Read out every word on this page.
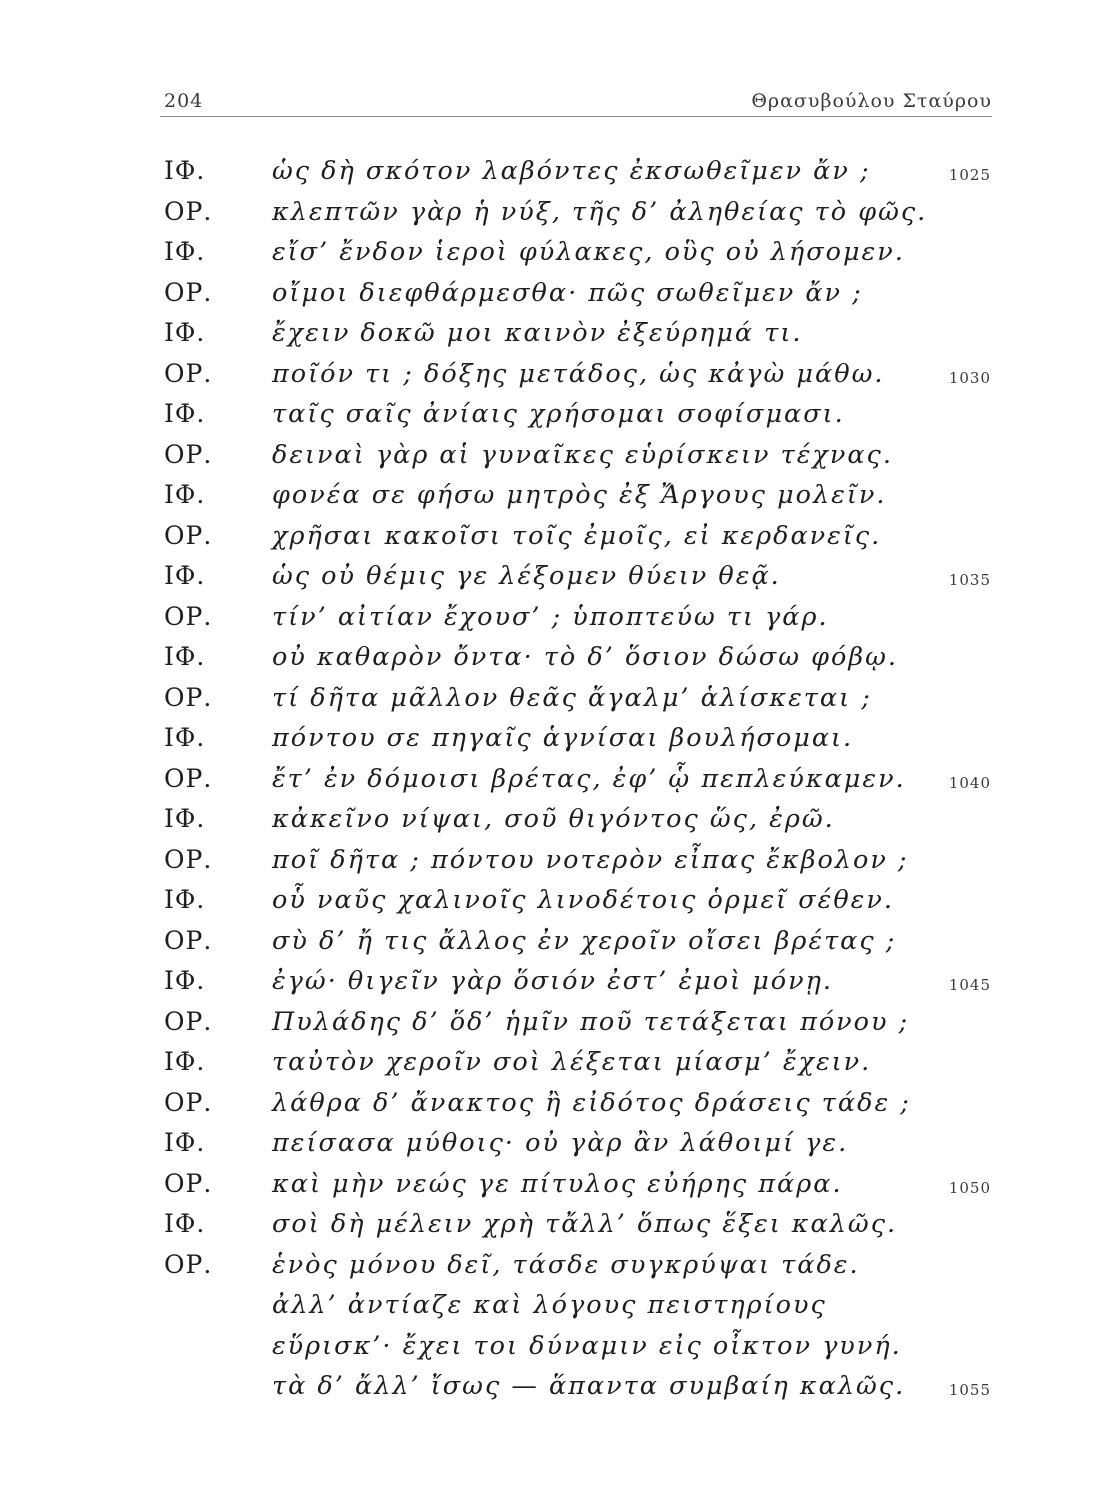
204	Θρασυβούλου Σταύρου
ΙΦ.	ὡς δὴ σκότον λαβόντες ἐκσωθεῖμεν ἄν ;	1025
ΟΡ. κλεπτῶν γὰρ ἡ νύξ, τῆς δ’ ἀληθείας τὸ φῶς.
ΙΦ.	εἴσ’ ἔνδον ἱεροὶ φύλακες, οὓς οὐ λήσομεν.
ΟΡ. οἴμοι διεφθάρμεσθα· πῶς σωθεῖμεν ἄν ;
ΙΦ.	ἔχειν δοκῶ μοι καινὸν ἐξεύρημά τι.
ΟΡ. ποῖόν τι ; δόξης μετάδος, ὡς κἀγὼ μάθω.	1030
ΙΦ.	ταῖς σαῖς ἀνίαις χρήσομαι σοφίσμασι.
ΟΡ. δειναὶ γὰρ αἱ γυναῖκες εὑρίσκειν τέχνας.
ΙΦ.	φονέα σε φήσω μητρὸς ἐξ Ἄργους μολεῖν.
ΟΡ. χρῆσαι κακοῖσι τοῖς ἐμοῖς, εἰ κερδανεῖς.
ΙΦ.	ὡς οὐ θέμις γε λέξομεν θύειν θεᾷ.	1035
ΟΡ. τίν’ αἰτίαν ἔχουσ’ ; ὑποπτεύω τι γάρ.
ΙΦ.	οὐ καθαρὸν ὄντα· τὸ δ’ ὅσιον δώσω φόβῳ.
ΟΡ. τί δῆτα μᾶλλον θεᾶς ἄγαλμ’ ἁλίσκεται ;
ΙΦ.	πόντου σε πηγαῖς ἁγνίσαι βουλήσομαι.
ΟΡ. ἔτ’ ἐν δόμοισι βρέτας, ἐφ’ ᾧ πεπλεύκαμεν.	1040
ΙΦ.	κἀκεῖνο νίψαι, σοῦ θιγόντος ὥς, ἐρῶ.
ΟΡ. ποῖ δῆτα ; πόντου νοτερὸν εἶπας ἔκβολον ;
ΙΦ.	οὗ ναῦς χαλινοῖς λινοδέτοις ὁρμεῖ σέθεν.
ΟΡ. σὺ δ’ ἤ τις ἄλλος ἐν χεροῖν οἴσει βρέτας ;
ΙΦ.	ἐγώ· θιγεῖν γὰρ ὅσιόν ἐστ’ ἐμοὶ μόνῃ.	1045
ΟΡ. Πυλάδης δ’ ὅδ’ ἡμῖν ποῦ τετάξεται πόνου ;
ΙΦ.	ταὐτὸν χεροῖν σοὶ λέξεται μίασμ’ ἔχειν.
ΟΡ. λάθρα δ’ ἄνακτος ἢ εἰδότος δράσεις τάδε ;
ΙΦ.	πείσασα μύθοις· οὐ γὰρ ἂν λάθοιμί γε.
ΟΡ. καὶ μὴν νεώς γε πίτυλος εὐήρης πάρα.	1050
ΙΦ.	σοὶ δὴ μέλειν χρὴ τἄλλ’ ὅπως ἕξει καλῶς.
ΟΡ. ἑνὸς μόνου δεῖ, τάσδε συγκρύψαι τάδε.
ἀλλ’ ἀντίαζε καὶ λόγους πειστηρίους
εὕρισκ’· ἔχει τοι δύναμιν εἰς οἶκτον γυνή.
τὰ δ’ ἄλλ’ ἴσως — ἅπαντα συμβαίη καλῶς.	1055
